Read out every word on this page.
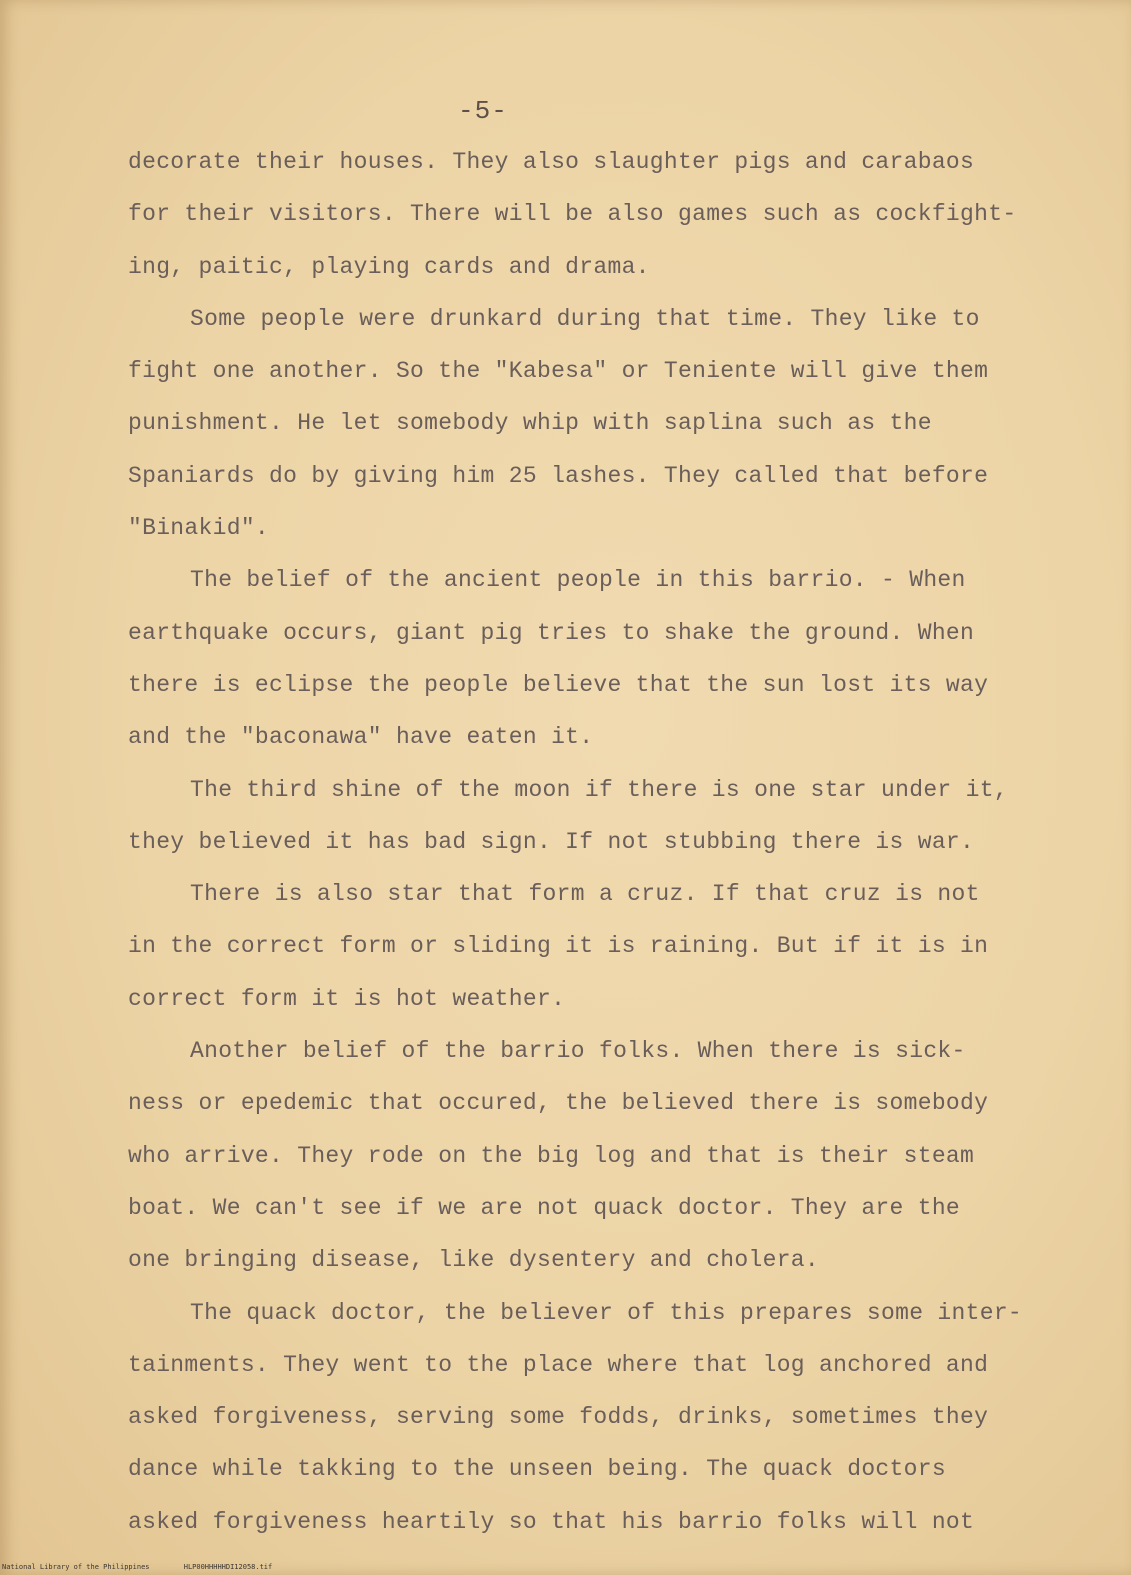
-5-
decorate their houses. They also slaughter pigs and carabaos
for their visitors. There will be also games such as cockfight-
ing, paitic, playing cards and drama.
Some people were drunkard during that time. They like to
fight one another. So the "Kabesa" or Teniente will give them
punishment. He let somebody whip with saplina such as the
Spaniards do by giving him 25 lashes. They called that before
"Binakid".
The belief of the ancient people in this barrio. - When
earthquake occurs, giant pig tries to shake the ground. When
there is eclipse the people believe that the sun lost its way
and the "baconawa" have eaten it.
The third shine of the moon if there is one star under it,
they believed it has bad sign. If not stubbing there is war.
There is also star that form a cruz. If that cruz is not
in the correct form or sliding it is raining. But if it is in
correct form it is hot weather.
Another belief of the barrio folks. When there is sick-
ness or epedemic that occured, the believed there is somebody
who arrive. They rode on the big log and that is their steam
boat. We can't see if we are not quack doctor. They are the
one bringing disease, like dysentery and cholera.
The quack doctor, the believer of this prepares some inter-
tainments. They went to the place where that log anchored and
asked forgiveness, serving some fodds, drinks, sometimes they
dance while takking to the unseen being. The quack doctors
asked forgiveness heartily so that his barrio folks will not
National Library of the Philippines	HLP00HHHHHDI12058.tif
